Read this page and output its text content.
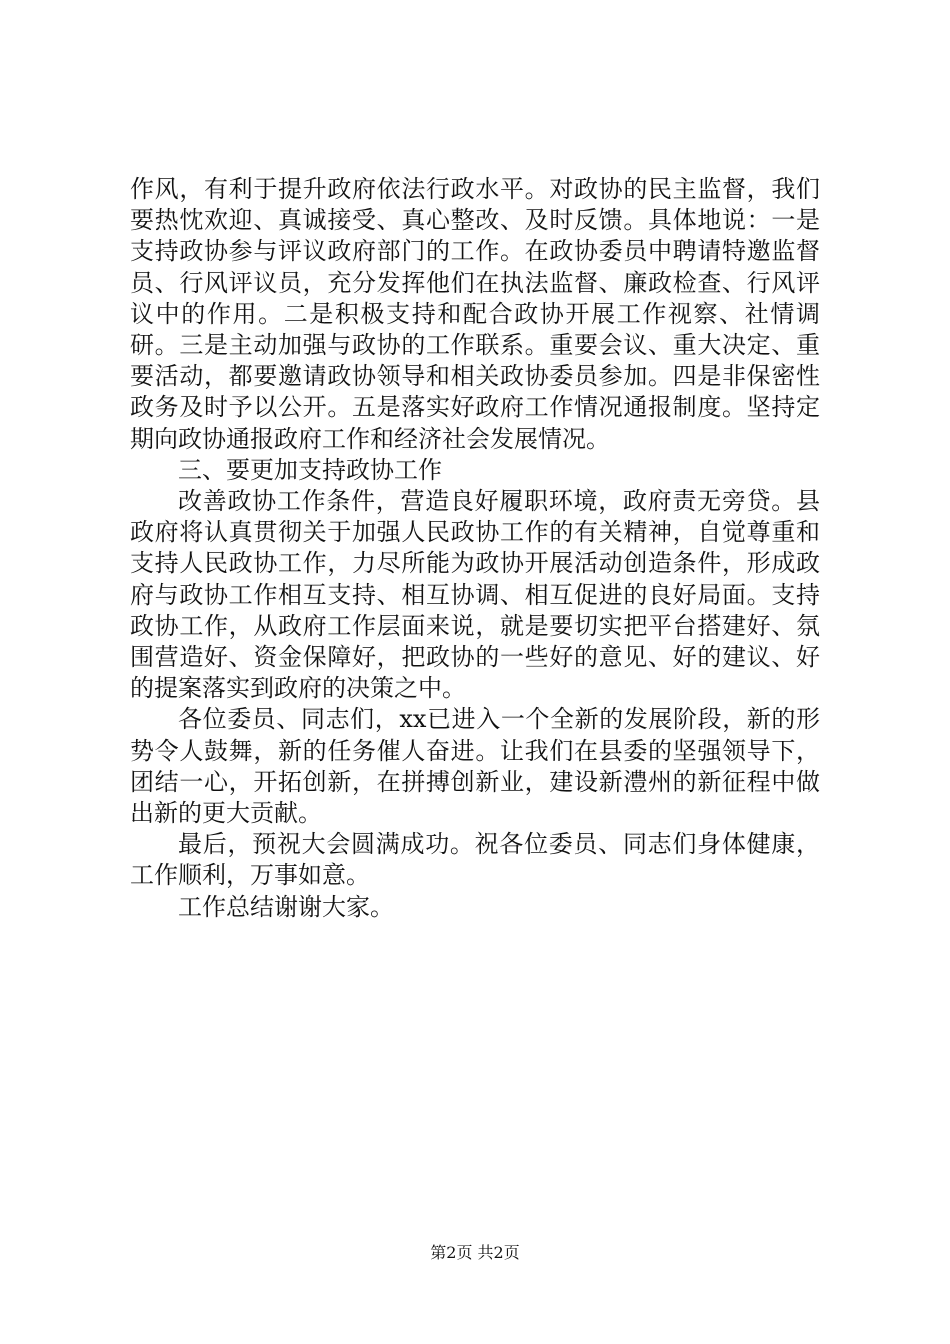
作风，有利于提升政府依法行政水平。对政协的民主监督，我们要热忱欢迎、真诚接受、真心整改、及时反馈。具体地说：一是支持政协参与评议政府部门的工作。在政协委员中聘请特邀监督员、行风评议员，充分发挥他们在执法监督、廉政检查、行风评议中的作用。二是积极支持和配合政协开展工作视察、社情调研。三是主动加强与政协的工作联系。重要会议、重大决定、重要活动，都要邀请政协领导和相关政协委员参加。四是非保密性政务及时予以公开。五是落实好政府工作情况通报制度。坚持定期向政协通报政府工作和经济社会发展情况。

三、要更加支持政协工作

改善政协工作条件，营造良好履职环境，政府责无旁贷。县政府将认真贯彻关于加强人民政协工作的有关精神，自觉尊重和支持人民政协工作，力尽所能为政协开展活动创造条件，形成政府与政协工作相互支持、相互协调、相互促进的良好局面。支持政协工作，从政府工作层面来说，就是要切实把平台搭建好、氛围营造好、资金保障好，把政协的一些好的意见、好的建议、好的提案落实到政府的决策之中。

各位委员、同志们，xx已进入一个全新的发展阶段，新的形势令人鼓舞，新的任务催人奋进。让我们在县委的坚强领导下，团结一心，开拓创新，在拼搏创新业，建设新澧州的新征程中做出新的更大贡献。

最后，预祝大会圆满成功。祝各位委员、同志们身体健康，工作顺利，万事如意。

工作总结谢谢大家。

第2页 共2页
